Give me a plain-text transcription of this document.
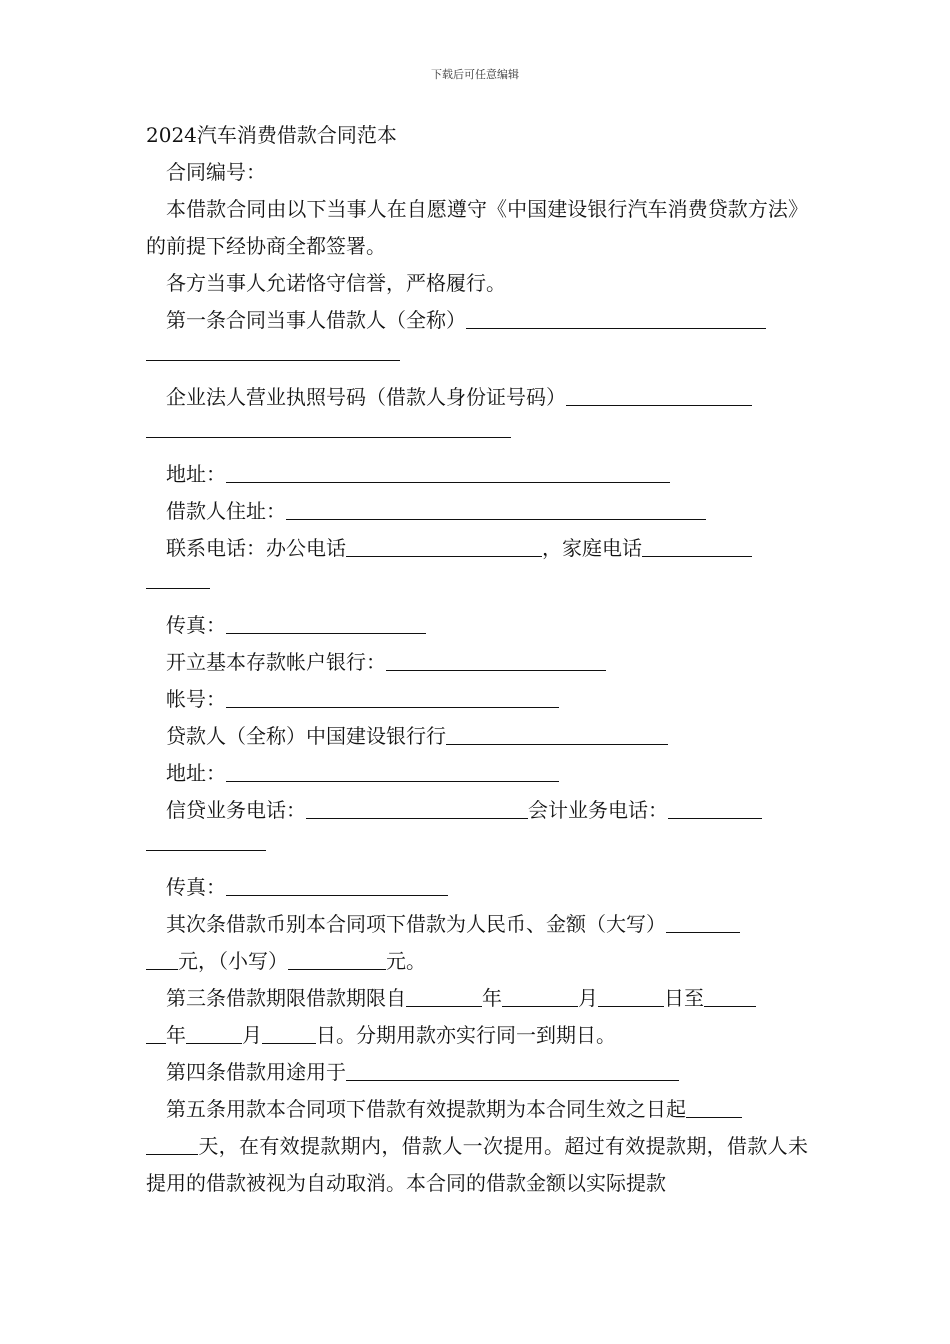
下载后可任意编辑

2024汽车消费借款合同范本

合同编号：

本借款合同由以下当事人在自愿遵守《中国建设银行汽车消费贷款方法》的前提下经协商全都签署。

各方当事人允诺恪守信誉，严格履行。

第一条合同当事人借款人（全称）

企业法人营业执照号码（借款人身份证号码）

地址：

借款人住址：

联系电话：办公电话	，家庭电话

传真：

开立基本存款帐户银行：

帐号：

贷款人（全称）中国建设银行行

地址：

信贷业务电话：	会计业务电话：

传真：

其次条借款币别本合同项下借款为人民币、金额（大写）

元，（小写）	元。

第三条借款期限借款期限自	年	月	日至

年	月	日。分期用款亦实行同一到期日。

第四条借款用途用于

第五条用款本合同项下借款有效提款期为本合同生效之日起

天，在有效提款期内，借款人一次提用。超过有效提款期，借款人未提用的借款被视为自动取消。本合同的借款金额以实际提款
